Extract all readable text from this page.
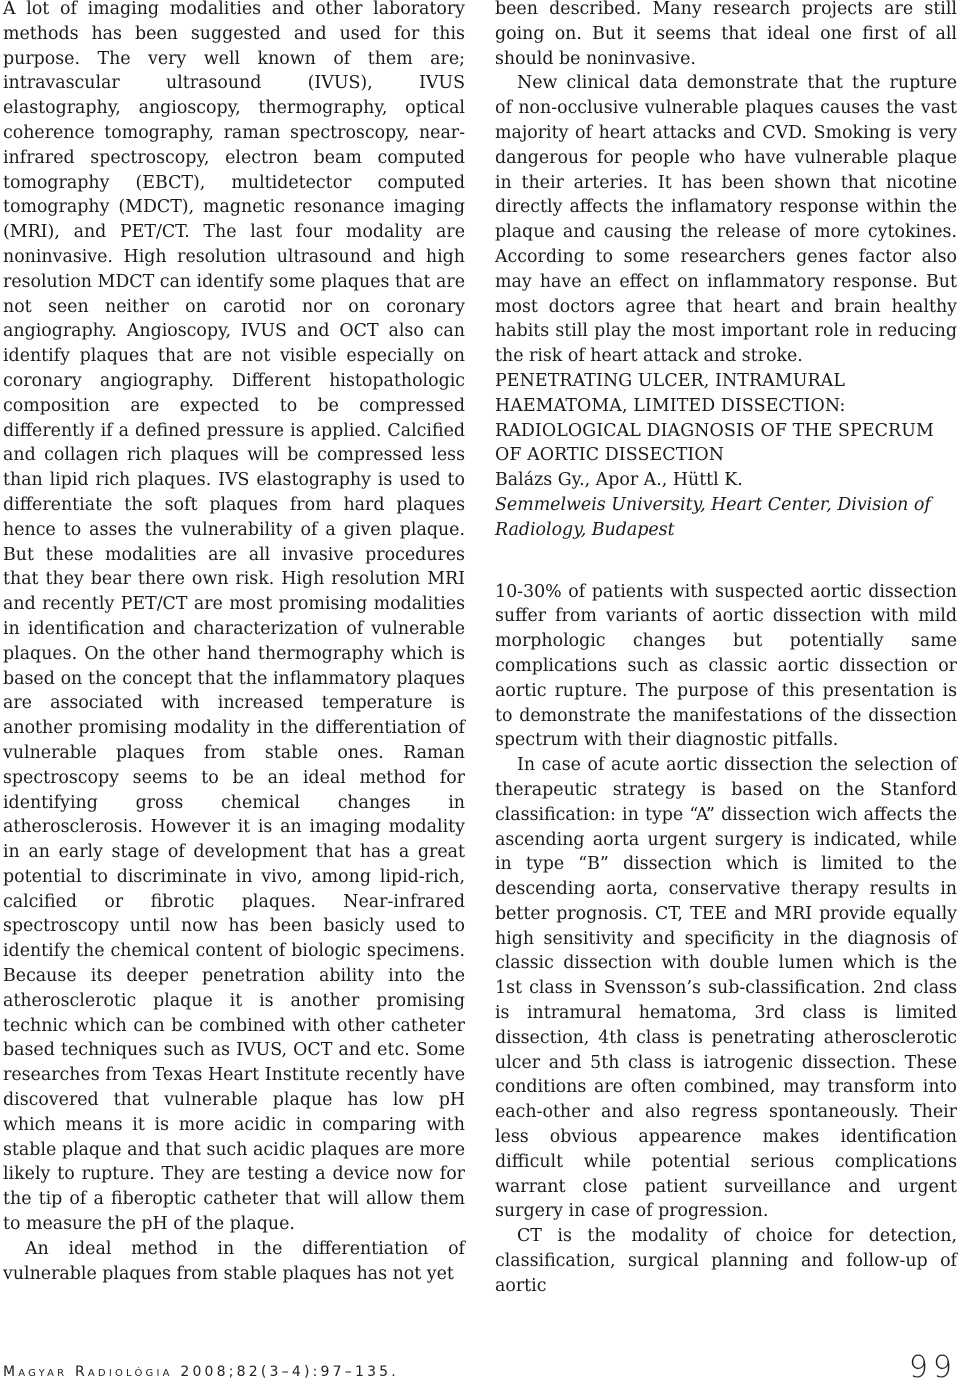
A lot of imaging modalities and other laboratory methods has been suggested and used for this purpose. The very well known of them are; intravascular ultrasound (IVUS), IVUS elastography, angioscopy, thermography, optical coherence tomography, raman spectroscopy, near-infrared spectroscopy, electron beam computed tomography (EBCT), multidetector computed tomography (MDCT), magnetic resonance imaging (MRI), and PET/CT. The last four modality are noninvasive. High resolution ultrasound and high resolution MDCT can identify some plaques that are not seen neither on carotid nor on coronary angiography. Angioscopy, IVUS and OCT also can identify plaques that are not visible especially on coronary angiography. Different histopathologic composition are expected to be compressed differently if a defined pressure is applied. Calcified and collagen rich plaques will be compressed less than lipid rich plaques. IVS elastography is used to differentiate the soft plaques from hard plaques hence to asses the vulnerability of a given plaque. But these modalities are all invasive procedures that they bear there own risk. High resolution MRI and recently PET/CT are most promising modalities in identification and characterization of vulnerable plaques. On the other hand thermography which is based on the concept that the inflammatory plaques are associated with increased temperature is another promising modality in the differentiation of vulnerable plaques from stable ones. Raman spectroscopy seems to be an ideal method for identifying gross chemical changes in atherosclerosis. However it is an imaging modality in an early stage of development that has a great potential to discriminate in vivo, among lipid-rich, calcified or fibrotic plaques. Near-infrared spectroscopy until now has been basicly used to identify the chemical content of biologic specimens. Because its deeper penetration ability into the atherosclerotic plaque it is another promising technic which can be combined with other catheter based techniques such as IVUS, OCT and etc. Some researches from Texas Heart Institute recently have discovered that vulnerable plaque has low pH which means it is more acidic in comparing with stable plaque and that such acidic plaques are more likely to rupture. They are testing a device now for the tip of a fiberoptic catheter that will allow them to measure the pH of the plaque.

An ideal method in the differentiation of vulnerable plaques from stable plaques has not yet

been described. Many research projects are still going on. But it seems that ideal one first of all should be noninvasive.

New clinical data demonstrate that the rupture of non-occlusive vulnerable plaques causes the vast majority of heart attacks and CVD. Smoking is very dangerous for people who have vulnerable plaque in their arteries. It has been shown that nicotine directly affects the inflamatory response within the plaque and causing the release of more cytokines. According to some researchers genes factor also may have an effect on inflammatory response. But most doctors agree that heart and brain healthy habits still play the most important role in reducing the risk of heart attack and stroke.

PENETRATING ULCER, INTRAMURAL HAEMATOMA, LIMITED DISSECTION: RADIOLOGICAL DIAGNOSIS OF THE SPECRUM OF AORTIC DISSECTION

Balázs Gy., Apor A., Hüttl K.

Semmelweis University, Heart Center, Division of Radiology, Budapest

10-30% of patients with suspected aortic dissection suffer from variants of aortic dissection with mild morphologic changes but potentially same complications such as classic aortic dissection or aortic rupture. The purpose of this presentation is to demonstrate the manifestations of the dissection spectrum with their diagnostic pitfalls.

In case of acute aortic dissection the selection of therapeutic strategy is based on the Stanford classification: in type “A” dissection wich affects the ascending aorta urgent surgery is indicated, while in type “B” dissection which is limited to the descending aorta, conservative therapy results in better prognosis. CT, TEE and MRI provide equally high sensitivity and specificity in the diagnosis of classic dissection with double lumen which is the 1st class in Svensson’s sub-classification. 2nd class is intramural hematoma, 3rd class is limited dissection, 4th class is penetrating atherosclerotic ulcer and 5th class is iatrogenic dissection. These conditions are often combined, may transform into each-other and also regress spontaneously. Their less obvious appearence makes identification difficult while potential serious complications warrant close patient surveillance and urgent surgery in case of progression.

CT is the modality of choice for detection, classification, surgical planning and follow-up of aortic

Magyar Radiológia 2008;82(3–4):97–135.	99
